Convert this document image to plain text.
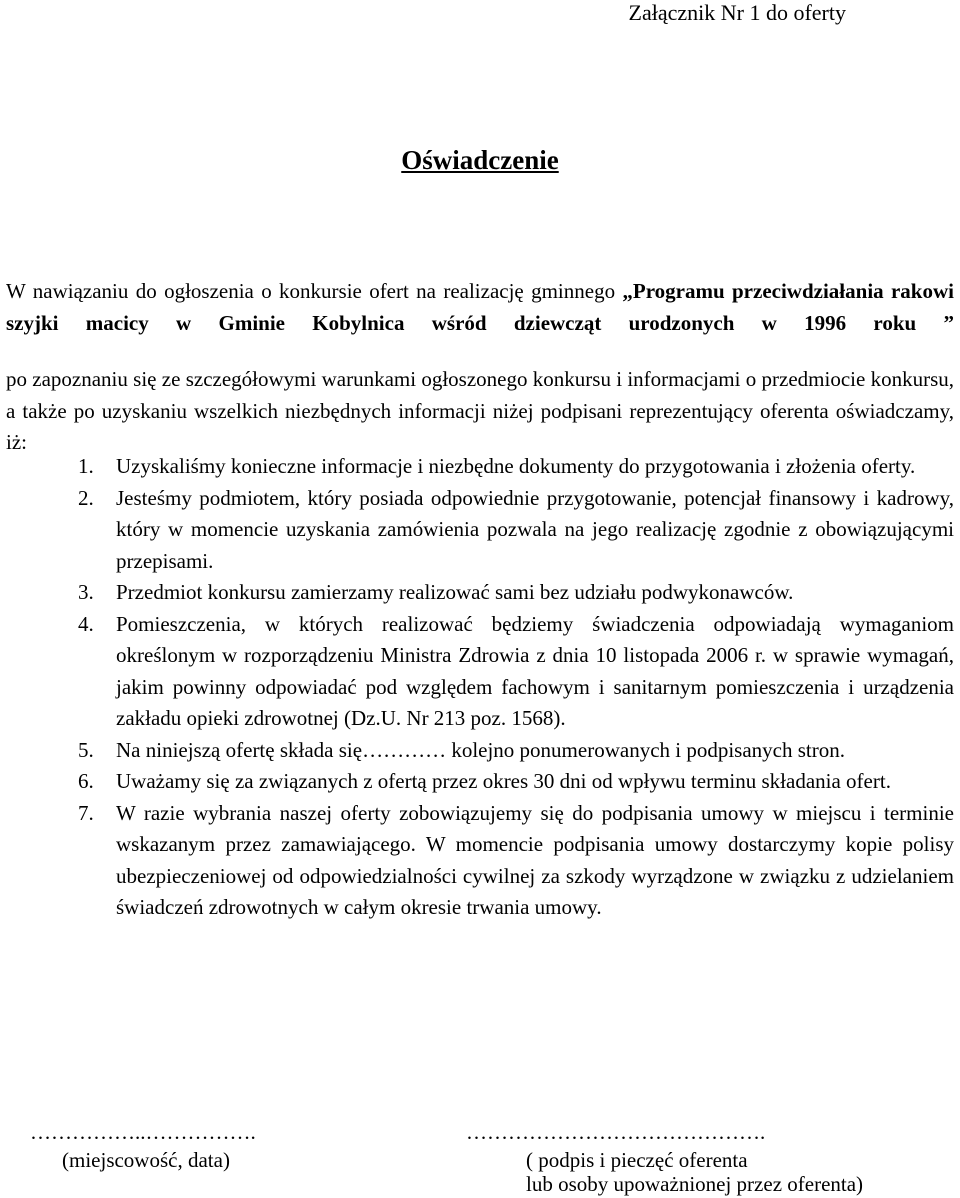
Załącznik Nr 1 do oferty
Oświadczenie
W nawiązaniu do ogłoszenia o konkursie ofert na realizację gminnego „Programu przeciwdziałania rakowi szyjki macicy w Gminie Kobylnica wśród dziewcząt urodzonych w 1996 roku ”
po zapoznaniu się ze szczegółowymi warunkami ogłoszonego konkursu i informacjami o przedmiocie konkursu, a także po uzyskaniu wszelkich niezbędnych informacji niżej podpisani reprezentujący oferenta oświadczamy, iż:
1. Uzyskaliśmy konieczne informacje i niezbędne dokumenty do przygotowania i złożenia oferty.
2. Jesteśmy podmiotem, który posiada odpowiednie przygotowanie, potencjał finansowy i kadrowy, który w momencie uzyskania zamówienia pozwala na jego realizację zgodnie z obowiązującymi przepisami.
3. Przedmiot konkursu zamierzamy realizować sami bez udziału podwykonawców.
4. Pomieszczenia, w których realizować będziemy świadczenia odpowiadają wymaganiom określonym w rozporządzeniu Ministra Zdrowia z dnia 10 listopada 2006 r. w sprawie wymagań, jakim powinny odpowiadać pod względem fachowym i sanitarnym pomieszczenia i urządzenia zakładu opieki zdrowotnej (Dz.U. Nr 213 poz. 1568).
5. Na niniejszą ofertę składa się………… kolejno ponumerowanych i podpisanych stron.
6. Uważamy się za związanych z ofertą przez okres 30 dni od wpływu terminu składania ofert.
7. W razie wybrania naszej oferty zobowiązujemy się do podpisania umowy w miejscu i terminie wskazanym przez zamawiającego. W momencie podpisania umowy dostarczymy kopie polisy ubezpieczeniowej od odpowiedzialności cywilnej za szkody wyrządzone w związku z udzielaniem świadczeń zdrowotnych w całym okresie trwania umowy.
……………..…………….	…………………………………….
(miejscowość, data)	( podpis i pieczęć oferenta
lub osoby upoważnionej przez oferenta)
